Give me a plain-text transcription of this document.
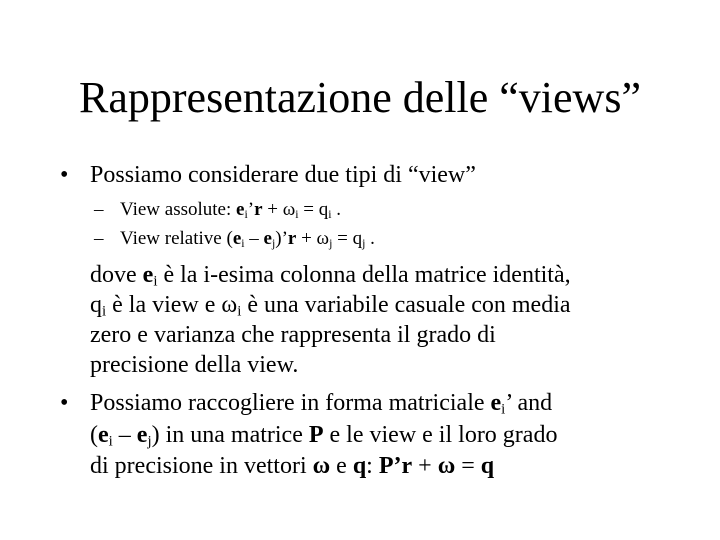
Rappresentazione delle “views”
• Possiamo considerare due tipi di “view”
– View assolute: $e_i’r + \omega_i = q_i$ .
– View relative ($e_i$ – $e_j)’r + \omega_j = q_j$ .
dove $e_i$ è la i-esima colonna della matrice identità,
$q_i$ è la view e $\omega_i$ è una variabile casuale con media
zero e varianza che rappresenta il grado di
precisione della view.
• Possiamo raccogliere in forma matriciale $e_i$’ and
$(e_i - e_j)$ in una matrice P e le view e il loro grado
di precisione in vettori ω e q: P’r + ω = q
